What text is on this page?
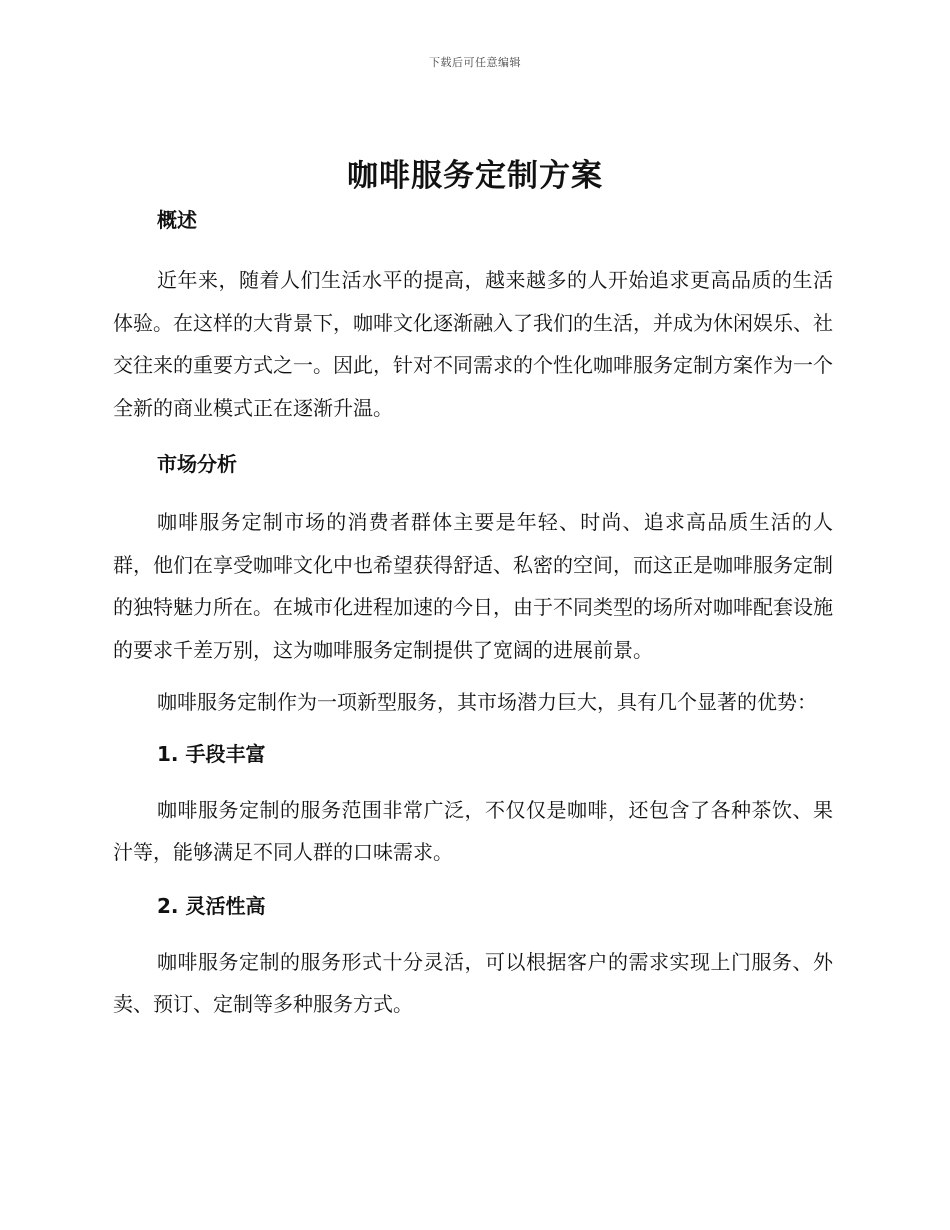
下载后可任意编辑
咖啡服务定制方案
概述

近年来，随着人们生活水平的提高，越来越多的人开始追求更高品质的生活体验。在这样的大背景下，咖啡文化逐渐融入了我们的生活，并成为休闲娱乐、社交往来的重要方式之一。因此，针对不同需求的个性化咖啡服务定制方案作为一个全新的商业模式正在逐渐升温。

市场分析

咖啡服务定制市场的消费者群体主要是年轻、时尚、追求高品质生活的人群，他们在享受咖啡文化中也希望获得舒适、私密的空间，而这正是咖啡服务定制的独特魅力所在。在城市化进程加速的今日，由于不同类型的场所对咖啡配套设施的要求千差万别，这为咖啡服务定制提供了宽阔的进展前景。

咖啡服务定制作为一项新型服务，其市场潜力巨大，具有几个显著的优势：

1. 手段丰富

咖啡服务定制的服务范围非常广泛，不仅仅是咖啡，还包含了各种茶饮、果汁等，能够满足不同人群的口味需求。

2. 灵活性高

咖啡服务定制的服务形式十分灵活，可以根据客户的需求实现上门服务、外卖、预订、定制等多种服务方式。
